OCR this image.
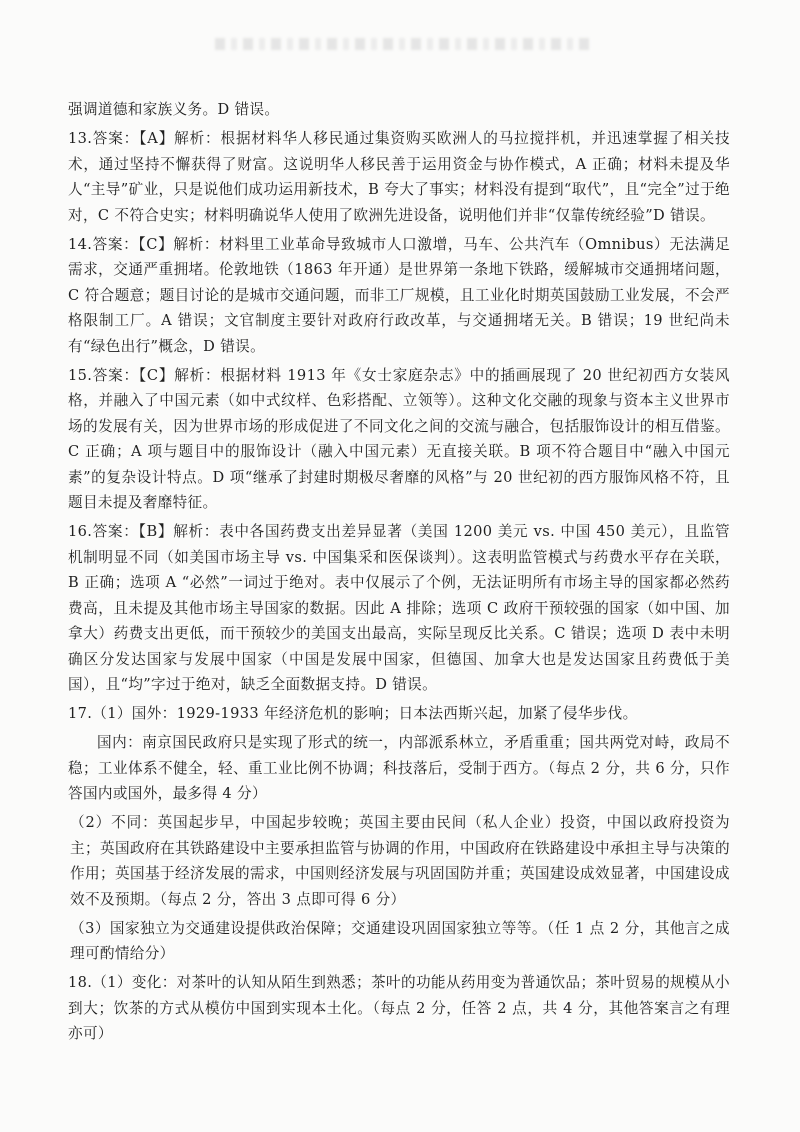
强调道德和家族义务。D 错误。

13.答案：【A】解析：根据材料华人移民通过集资购买欧洲人的马拉搅拌机，并迅速掌握了相关技术，通过坚持不懈获得了财富。这说明华人移民善于运用资金与协作模式，A 正确；材料未提及华人“主导”矿业，只是说他们成功运用新技术，B 夸大了事实；材料没有提到“取代”，且“完全”过于绝对，C 不符合史实；材料明确说华人使用了欧洲先进设备，说明他们并非“仅靠传统经验”D 错误。

14.答案：【C】解析：材料里工业革命导致城市人口激增，马车、公共汽车（Omnibus）无法满足需求，交通严重拥堵。伦敦地铁（1863 年开通）是世界第一条地下铁路，缓解城市交通拥堵问题，C 符合题意；题目讨论的是城市交通问题，而非工厂规模，且工业化时期英国鼓励工业发展，不会严格限制工厂。A 错误；文官制度主要针对政府行政改革，与交通拥堵无关。B 错误；19 世纪尚未有“绿色出行”概念，D 错误。

15.答案：【C】解析：根据材料 1913 年《女士家庭杂志》中的插画展现了 20 世纪初西方女装风格，并融入了中国元素（如中式纹样、色彩搭配、立领等）。这种文化交融的现象与资本主义世界市场的发展有关，因为世界市场的形成促进了不同文化之间的交流与融合，包括服饰设计的相互借鉴。C 正确；A 项与题目中的服饰设计（融入中国元素）无直接关联。B 项不符合题目中“融入中国元素”的复杂设计特点。D 项“继承了封建时期极尽奢靡的风格”与 20 世纪初的西方服饰风格不符，且题目未提及奢靡特征。

16.答案：【B】解析：表中各国药费支出差异显著（美国 1200 美元 vs. 中国 450 美元），且监管机制明显不同（如美国市场主导 vs. 中国集采和医保谈判）。这表明监管模式与药费水平存在关联，B 正确；选项 A “必然”一词过于绝对。表中仅展示了个例，无法证明所有市场主导的国家都必然药费高，且未提及其他市场主导国家的数据。因此 A 排除；选项 C 政府干预较强的国家（如中国、加拿大）药费支出更低，而干预较少的美国支出最高，实际呈现反比关系。C 错误；选项 D 表中未明确区分发达国家与发展中国家（中国是发展中国家，但德国、加拿大也是发达国家且药费低于美国），且“均”字过于绝对，缺乏全面数据支持。D 错误。

17.（1）国外：1929-1933 年经济危机的影响；日本法西斯兴起，加紧了侵华步伐。

国内：南京国民政府只是实现了形式的统一，内部派系林立，矛盾重重；国共两党对峙，政局不稳；工业体系不健全，轻、重工业比例不协调；科技落后，受制于西方。（每点 2 分，共 6 分，只作答国内或国外，最多得 4 分）

（2）不同：英国起步早，中国起步较晚；英国主要由民间（私人企业）投资，中国以政府投资为主；英国政府在其铁路建设中主要承担监管与协调的作用，中国政府在铁路建设中承担主导与决策的作用；英国基于经济发展的需求，中国则经济发展与巩固国防并重；英国建设成效显著，中国建设成效不及预期。（每点 2 分，答出 3 点即可得 6 分）

（3）国家独立为交通建设提供政治保障；交通建设巩固国家独立等等。（任 1 点 2 分，其他言之成理可酌情给分）

18.（1）变化：对茶叶的认知从陌生到熟悉；茶叶的功能从药用变为普通饮品；茶叶贸易的规模从小到大；饮茶的方式从模仿中国到实现本土化。（每点 2 分，任答 2 点，共 4 分，其他答案言之有理亦可）
